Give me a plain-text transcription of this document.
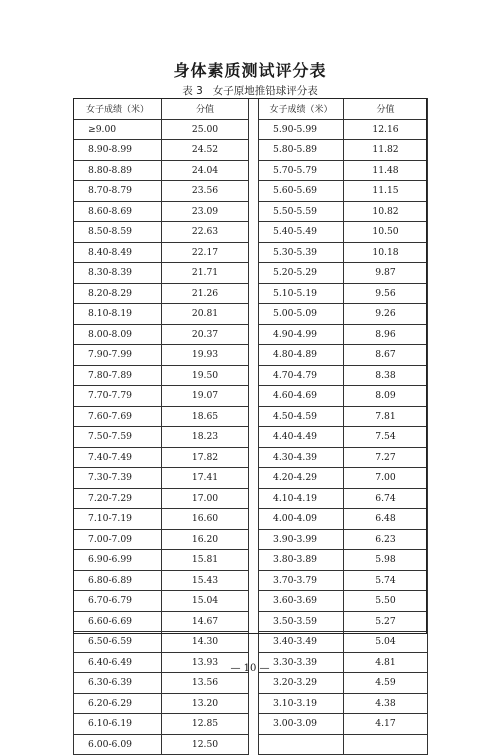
身体素质测试评分表
表 3 女子原地推铅球评分表
女子成绩（米）	分值
≥9.00	25.00
8.90-8.99	24.52
8.80-8.89	24.04
8.70-8.79	23.56
8.60-8.69	23.09
8.50-8.59	22.63
8.40-8.49	22.17
8.30-8.39	21.71
8.20-8.29	21.26
8.10-8.19	20.81
8.00-8.09	20.37
7.90-7.99	19.93
7.80-7.89	19.50
7.70-7.79	19.07
7.60-7.69	18.65
7.50-7.59	18.23
7.40-7.49	17.82
7.30-7.39	17.41
7.20-7.29	17.00
7.10-7.19	16.60
7.00-7.09	16.20
6.90-6.99	15.81
6.80-6.89	15.43
6.70-6.79	15.04
6.60-6.69	14.67
6.50-6.59	14.30
6.40-6.49	13.93
6.30-6.39	13.56
6.20-6.29	13.20
6.10-6.19	12.85
6.00-6.09	12.50
女子成绩（米）	分值
5.90-5.99	12.16
5.80-5.89	11.82
5.70-5.79	11.48
5.60-5.69	11.15
5.50-5.59	10.82
5.40-5.49	10.50
5.30-5.39	10.18
5.20-5.29	9.87
5.10-5.19	9.56
5.00-5.09	9.26
4.90-4.99	8.96
4.80-4.89	8.67
4.70-4.79	8.38
4.60-4.69	8.09
4.50-4.59	7.81
4.40-4.49	7.54
4.30-4.39	7.27
4.20-4.29	7.00
4.10-4.19	6.74
4.00-4.09	6.48
3.90-3.99	6.23
3.80-3.89	5.98
3.70-3.79	5.74
3.60-3.69	5.50
3.50-3.59	5.27
3.40-3.49	5.04
3.30-3.39	4.81
3.20-3.29	4.59
3.10-3.19	4.38
3.00-3.09	4.17

— 10 —
